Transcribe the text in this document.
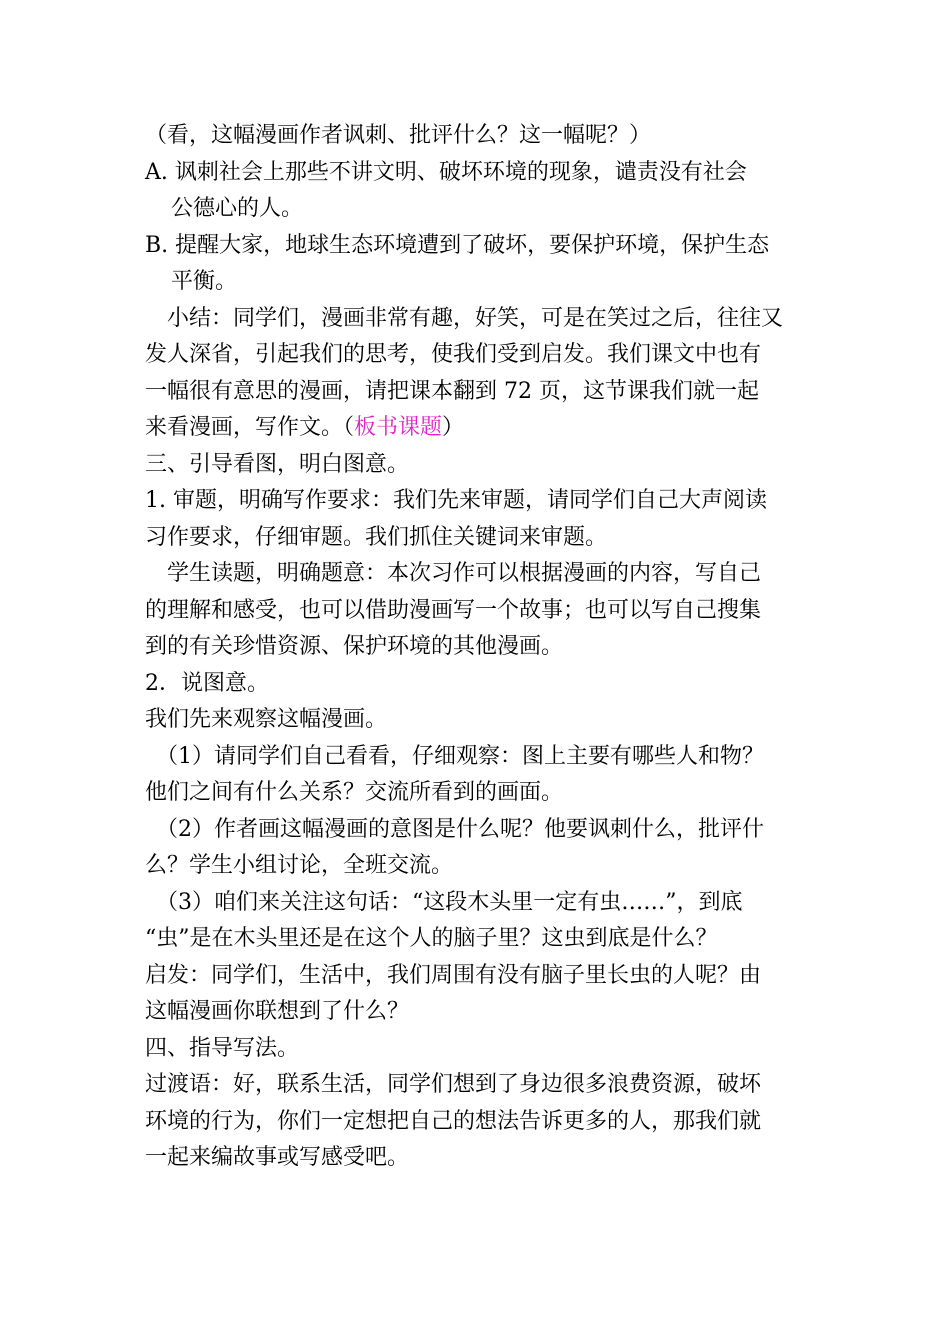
（看，这幅漫画作者讽刺、批评什么？这一幅呢？）
A. 讽刺社会上那些不讲文明、破坏环境的现象，谴责没有社会
公德心的人。
B. 提醒大家，地球生态环境遭到了破坏，要保护环境，保护生态
平衡。
小结：同学们，漫画非常有趣，好笑，可是在笑过之后，往往又
发人深省，引起我们的思考，使我们受到启发。我们课文中也有
一幅很有意思的漫画，请把课本翻到 72 页，这节课我们就一起
来看漫画，写作文。（板书课题）
三、引导看图，明白图意。
1. 审题，明确写作要求：我们先来审题，请同学们自己大声阅读
习作要求，仔细审题。我们抓住关键词来审题。
学生读题，明确题意：本次习作可以根据漫画的内容，写自己
的理解和感受，也可以借助漫画写一个故事；也可以写自己搜集
到的有关珍惜资源、保护环境的其他漫画。
2．说图意。
我们先来观察这幅漫画。
（1）请同学们自己看看，仔细观察：图上主要有哪些人和物？
他们之间有什么关系？交流所看到的画面。
（2）作者画这幅漫画的意图是什么呢？他要讽刺什么，批评什
么？学生小组讨论，全班交流。
（3）咱们来关注这句话：“这段木头里一定有虫……”，到底
“虫”是在木头里还是在这个人的脑子里？这虫到底是什么？
启发：同学们，生活中，我们周围有没有脑子里长虫的人呢？由
这幅漫画你联想到了什么？
四、指导写法。
过渡语：好，联系生活，同学们想到了身边很多浪费资源，破坏
环境的行为，你们一定想把自己的想法告诉更多的人，那我们就
一起来编故事或写感受吧。
